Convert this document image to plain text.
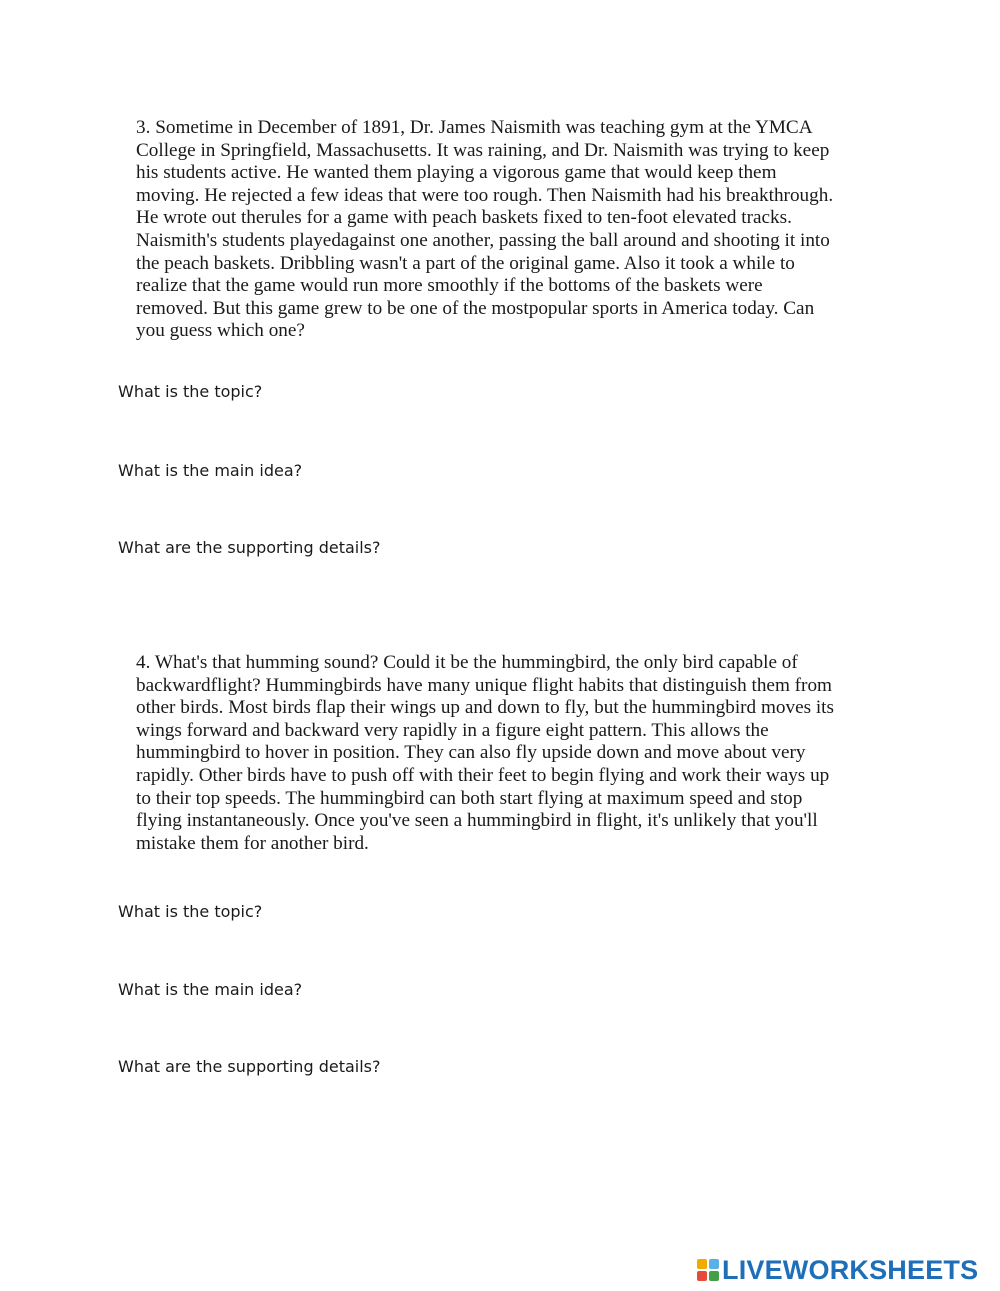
3. Sometime in December of 1891, Dr. James Naismith was teaching gym at the YMCA
College in Springfield, Massachusetts. It was raining, and Dr. Naismith was trying to keep
his students active. He wanted them playing a vigorous game that would keep them
moving. He rejected a few ideas that were too rough. Then Naismith had his breakthrough.
He wrote out therules for a game with peach baskets fixed to ten-foot elevated tracks.
Naismith's students playedagainst one another, passing the ball around and shooting it into
the peach baskets. Dribbling wasn't a part of the original game. Also it took a while to
realize that the game would run more smoothly if the bottoms of the baskets were
removed. But this game grew to be one of the mostpopular sports in America today. Can
you guess which one?

What is the topic?

What is the main idea?

What are the supporting details?

4. What's that humming sound? Could it be the hummingbird, the only bird capable of
backwardflight? Hummingbirds have many unique flight habits that distinguish them from
other birds. Most birds flap their wings up and down to fly, but the hummingbird moves its
wings forward and backward very rapidly in a figure eight pattern. This allows the
hummingbird to hover in position. They can also fly upside down and move about very
rapidly. Other birds have to push off with their feet to begin flying and work their ways up
to their top speeds. The hummingbird can both start flying at maximum speed and stop
flying instantaneously. Once you've seen a hummingbird in flight, it's unlikely that you'll
mistake them for another bird.

What is the topic?

What is the main idea?

What are the supporting details?

LIVEWORKSHEETS
